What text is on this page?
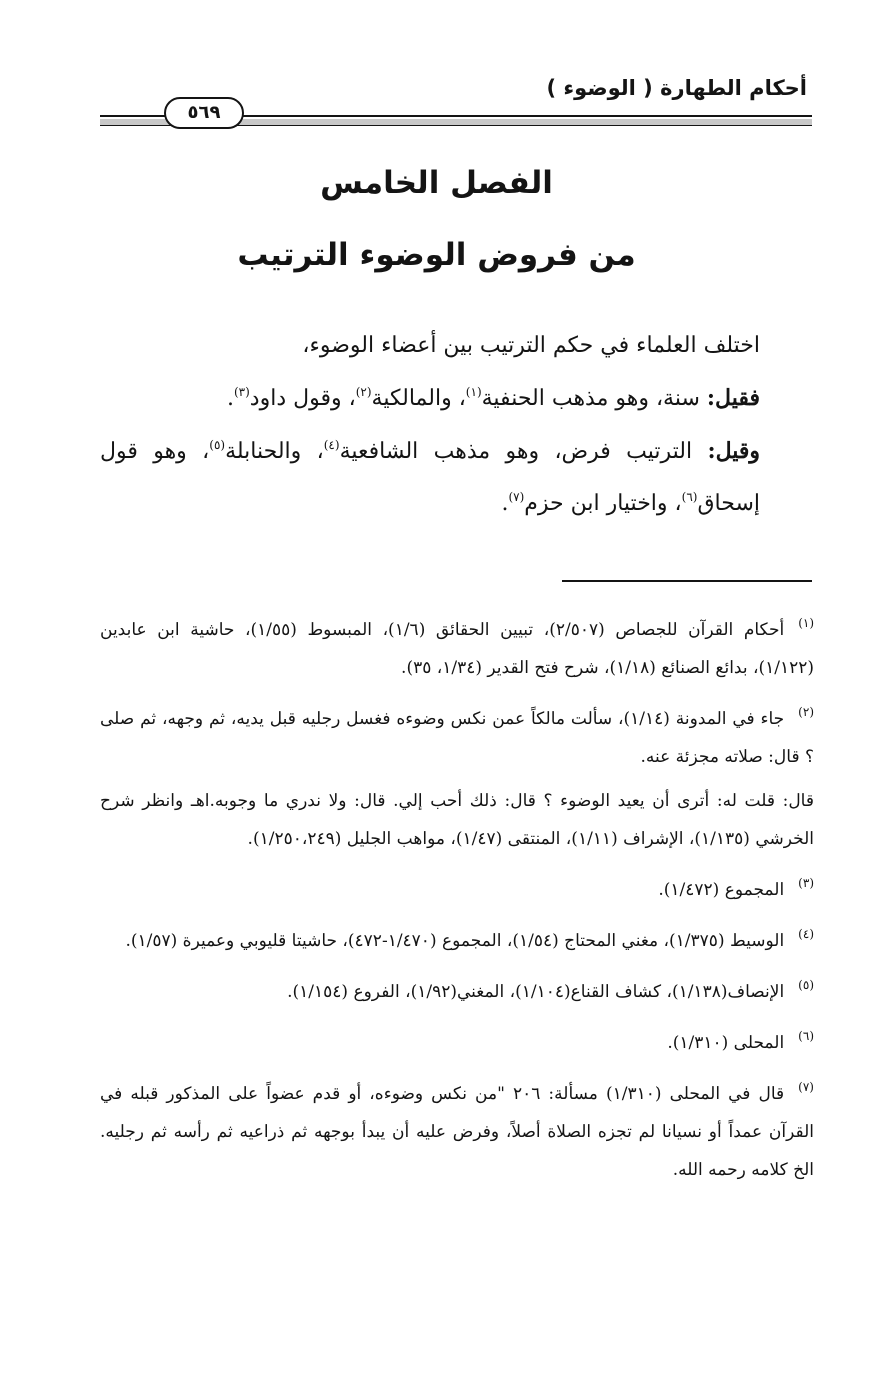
أحكام الطهارة ( الوضوء )
٥٦٩
الفصل الخامس
من فروض الوضوء الترتيب

اختلف العلماء في حكم الترتيب بين أعضاء الوضوء،

فقيل: سنة، وهو مذهب الحنفية$^{(١)}$، والمالكية$^{(٢)}$، وقول داود$^{(٣)}$.

وقيل: الترتيب فرض، وهو مذهب الشافعية$^{(٤)}$، والحنابلة$^{(٥)}$، وهو قول إسحاق$^{(٦)}$، واختيار ابن حزم$^{(٧)}$.

(١)أحكام القرآن للجصاص (٢/٥٠٧)، تبيين الحقائق (١/٦)، المبسوط (١/٥٥)، حاشية ابن عابدين (١/١٢٢)، بدائع الصنائع (١/١٨)، شرح فتح القدير (١/٣٤، ٣٥).

(٢)جاء في المدونة (١/١٤)، سألت مالكاً عمن نكس وضوءه فغسل رجليه قبل يديه، ثم وجهه، ثم صلى ؟ قال: صلاته مجزئة عنه.

قال: قلت له: أترى أن يعيد الوضوء ؟ قال: ذلك أحب إلي. قال: ولا ندري ما وجوبه.اهـ وانظر شرح الخرشي (١/١٣٥)، الإشراف (١/١١)، المنتقى (١/٤٧)، مواهب الجليل (١/٢٥٠،٢٤٩).

(٣)المجموع (١/٤٧٢).

(٤)الوسيط (١/٣٧٥)، مغني المحتاج (١/٥٤)، المجموع (١/٤٧٠-٤٧٢)، حاشيتا قليوبي وعميرة (١/٥٧).

(٥)الإنصاف(١/١٣٨)، كشاف القناع(١/١٠٤)، المغني(١/٩٢)، الفروع (١/١٥٤).

(٦)المحلى (١/٣١٠).

(٧)قال في المحلى (١/٣١٠) مسألة: ٢٠٦ "من نكس وضوءه، أو قدم عضواً على المذكور قبله في القرآن عمداً أو نسيانا لم تجزه الصلاة أصلاً، وفرض عليه أن يبدأ بوجهه ثم ذراعيه ثم رأسه ثم رجليه. الخ كلامه رحمه الله.
